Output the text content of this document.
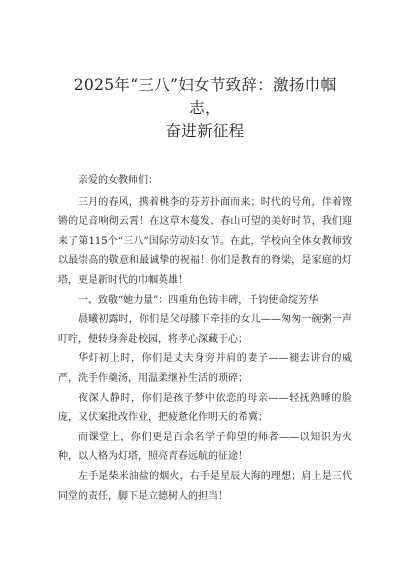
2025年“三八”妇女节致辞：激扬巾帼志，
奋进新征程

亲爱的女教师们：

三月的春风，携着桃李的芬芳扑面而来；时代的号角，伴着铿锵的足音响彻云霄！在这草木蔓发、春山可望的美好时节，我们迎来了第115个“三八”国际劳动妇女节。在此，学校向全体女教师致以最崇高的敬意和最诚挚的祝福！你们是教育的脊梁，是家庭的灯塔，更是新时代的巾帼英雄！

一、致敬“她力量”：四重角色铸丰碑，千钧使命绽芳华

晨曦初露时，你们是父母膝下牵挂的女儿——匆匆一碗粥一声叮咛，便转身奔赴校园，将孝心深藏于心；

华灯初上时，你们是丈夫身旁并肩的妻子——褪去讲台的威严，洗手作羹汤，用温柔继补生活的琐碎；

夜深人静时，你们是孩子梦中依恋的母亲——轻抚熟睡的脸庞，又伏案批改作业，把疲惫化作明天的希冀；

而课堂上，你们更是百余名学子仰望的师者——以知识为火种，以人格为灯塔，照亮青春远航的征途！

左手是柴米油盐的烟火，右手是星辰大海的理想；肩上是三代同堂的责任，脚下是立德树人的担当！
